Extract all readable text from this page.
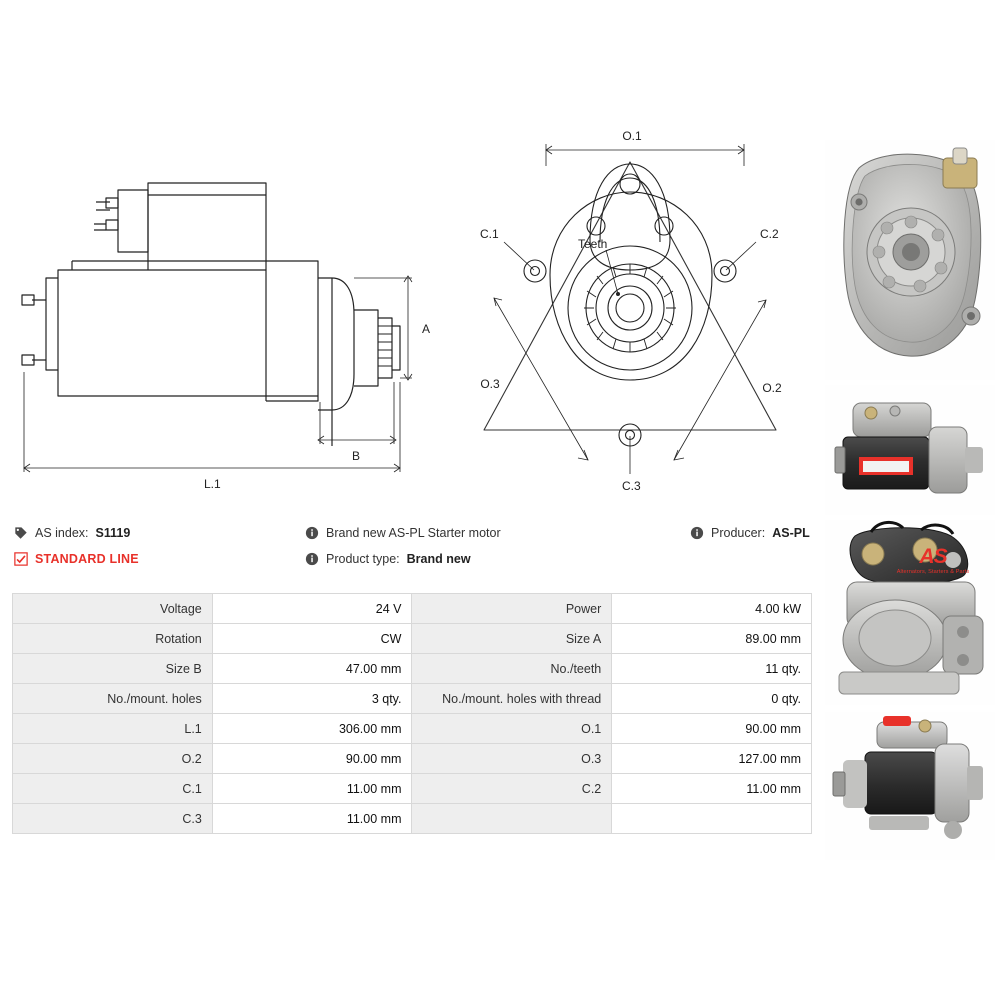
A
B
L.1
O.1
O.3	O.2
C.1	C.2
C.3
Teeth
AS index: S1119
STANDARD LINE
Brand new AS-PL Starter motor
Product type: Brand new
Producer: AS-PL
AS
Alternators, Starters & Parts
Voltage	24 V	Power	4.00 kW
Rotation	CW	Size A	89.00 mm
Size B	47.00 mm	No./teeth	11 qty.
No./mount. holes	3 qty.	No./mount. holes with thread	0 qty.
L.1	306.00 mm	O.1	90.00 mm
O.2	90.00 mm	O.3	127.00 mm
C.1	11.00 mm	C.2	11.00 mm
C.3	11.00 mm		
